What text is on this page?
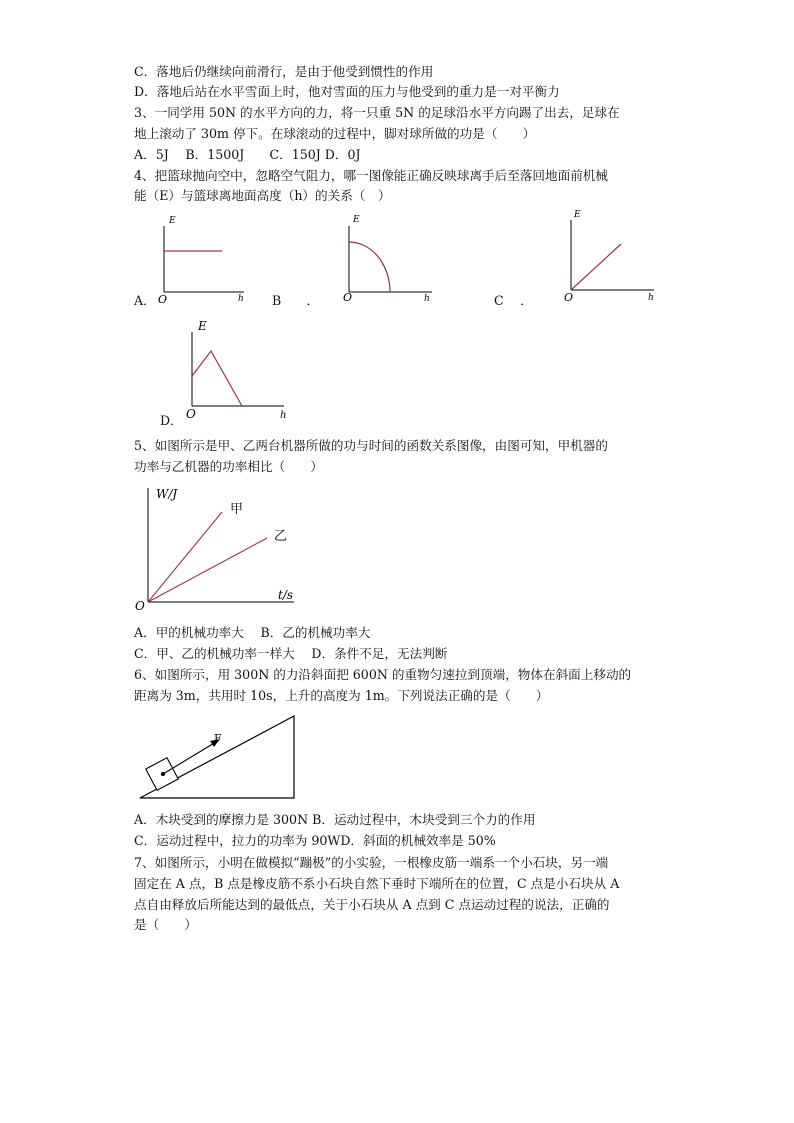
C．落地后仍继续向前滑行，是由于他受到惯性的作用
D．落地后站在水平雪面上时，他对雪面的压力与他受到的重力是一对平衡力
3、一同学用 50N 的水平方向的力，将一只重 5N 的足球沿水平方向踢了出去，足球在
地上滚动了 30m 停下。在球滚动的过程中，脚对球所做的功是（　　）
A．5J　 B．1500J　　C．150J D．0J
4、把篮球抛向空中，忽略空气阻力，哪一图像能正确反映球离手后至落回地面前机械
能（E）与篮球离地面高度（h）的关系（　）
E
O	h
A．
E
O	h
B　　．
E
O	h
C　 ．
E
O	h
D．
5、如图所示是甲、乙两台机器所做的功与时间的函数关系图像，由图可知，甲机器的
功率与乙机器的功率相比（　　）
W/J
t/s
O
甲
乙
A．甲的机械功率大　 B．乙的机械功率大
C．甲、乙的机械功率一样大　 D．条件不足，无法判断
6、如图所示，用 300N 的力沿斜面把 600N 的重物匀速拉到顶端，物体在斜面上移动的
距离为 3m，共用时 10s，上升的高度为 1m。下列说法正确的是（　　）
F
A．木块受到的摩擦力是 300N B．运动过程中，木块受到三个力的作用
C．运动过程中，拉力的功率为 90WD．斜面的机械效率是 50%
7、如图所示，小明在做模拟“蹦极”的小实验，一根橡皮筋一端系一个小石块，另一端
固定在 A 点，B 点是橡皮筋不系小石块自然下垂时下端所在的位置，C 点是小石块从 A
点自由释放后所能达到的最低点，关于小石块从 A 点到 C 点运动过程的说法，正确的
是（　　）
